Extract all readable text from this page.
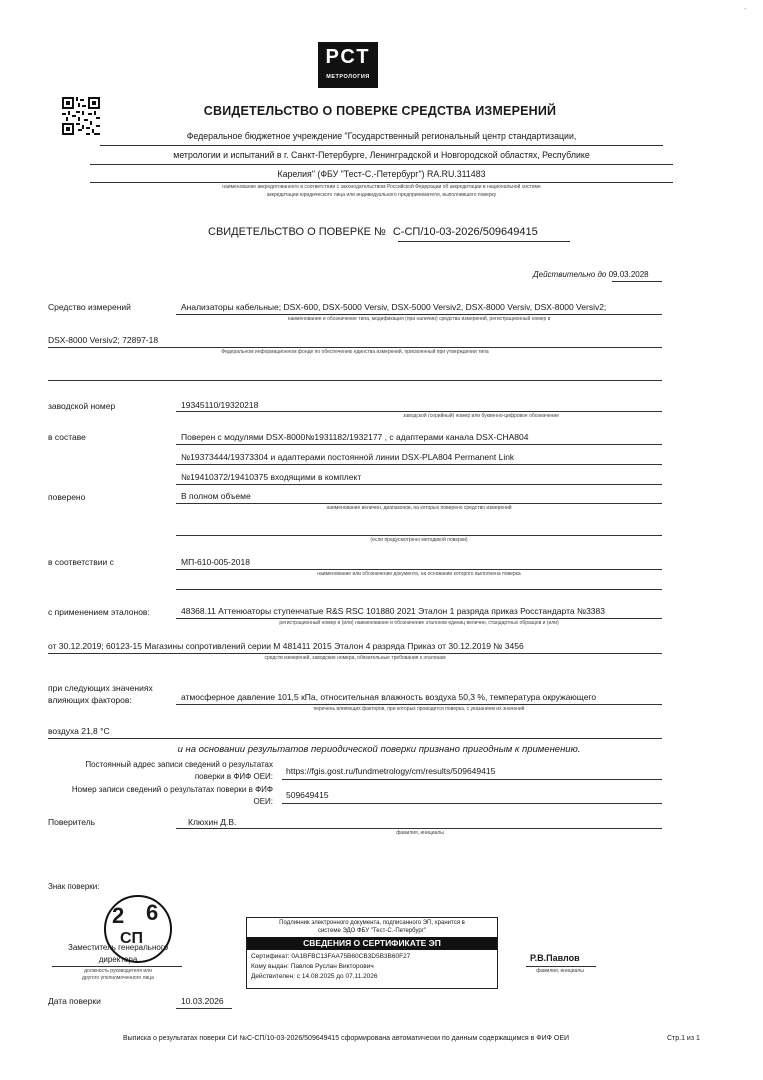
РСТ
МЕТРОЛОГИЯ
-
СВИДЕТЕЛЬСТВО О ПОВЕРКЕ СРЕДСТВА ИЗМЕРЕНИЙ
Федеральное бюджетное учреждение "Государственный региональный центр стандартизации,
метрологии и испытаний в г. Санкт-Петербурге, Ленинградской и Новгородской областях, Республике
Карелия" (ФБУ "Тест-С.-Петербург") RA.RU.311483
наименование аккредитованного в соответствии с законодательством Российской Федерации об аккредитации в национальной системе
аккредитации юридического лица или индивидуального предпринимателя, выполнившего поверку
СВИДЕТЕЛЬСТВО О ПОВЕРКЕ № С-СП/10-03-2026/509649415
Действительно до 09.03.2028
Средство измерений	Анализаторы кабельные; DSX-600, DSX-5000 Versiv, DSX-5000 Versiv2, DSX-8000 Versiv, DSX-8000 Versiv2;
наименование и обозначение типа, модификация (при наличии) средства измерений, регистрационный номер в
DSX-8000 Versiv2; 72897-18
Федеральном информационном фонде по обеспечению единства измерений, присвоенный при утверждении типа
заводской номер	19345110/19320218
заводской (серийный) номер или буквенно-цифровое обозначение
в составе	Поверен с модулями DSX-8000№1931182/1932177 , с адаптерами канала DSX-CHA804
№19373444/19373304 и адаптерами постоянной линии DSX-PLA804 Permanent Link
№19410372/19410375 входящими в комплект
поверено	В полном объеме
наименование величин, диапазонов, на которых поверено средство измерений
(если предусмотрено методикой поверки)
в соответствии с	МП-610-005-2018
наименование или обозначение документа, на основании которого выполнена поверка
с применением эталонов:	48368.11 Аттенюаторы ступенчатые R&S RSC 101880 2021 Эталон 1 разряда приказ Росстандарта №3383
регистрационный номер и (или) наименование и обозначение эталонов единиц величин, стандартных образцов и (или)
от 30.12.2019; 60123-15 Магазины сопротивлений серии М 481411 2015 Эталон 4 разряда Приказ от 30.12.2019 № 3456
средств измерений, заводские номера, обязательные требования к эталонам
при следующих значениях
влияющих факторов:	атмосферное давление 101,5 кПа, относительная влажность воздуха 50,3 %, температура окружающего
перечень влияющих факторов, при которых проводится поверка, с указанием их значений
воздуха 21,8 °С
и на основании результатов периодической поверки признано пригодным к применению.
Постоянный адрес записи сведений о результатах
поверки в ФИФ ОЕИ:
https://fgis.gost.ru/fundmetrology/cm/results/509649415
Номер записи сведений о результатах поверки в ФИФ
ОЕИ:
509649415
Поверитель	Клюхин Д.В.
фамилия, инициалы
Знак поверки:
2 6
СП
Заместитель генерального
директора
должность руководителя или
другого уполномоченного лица
Подлинник электронного документа, подписанного ЭП, хранится в
системе ЭДО ФБУ "Тест-С.-Петербург"
СВЕДЕНИЯ О СЕРТИФИКАТЕ ЭП
Сертификат: 0A1BFBC13FAA75B60CB3D5B3B60F27
Кому выдан: Павлов Руслан Викторович
Действителен: с 14.08.2025 до 07.11.2026
Р.В.Павлов
фамилия, инициалы
Дата поверки	10.03.2026
Выписка о результатах поверки СИ №С-СП/10-03-2026/509649415 сформирована автоматически по данным содержащимся в ФИФ ОЕИ	Стр.1 из 1
